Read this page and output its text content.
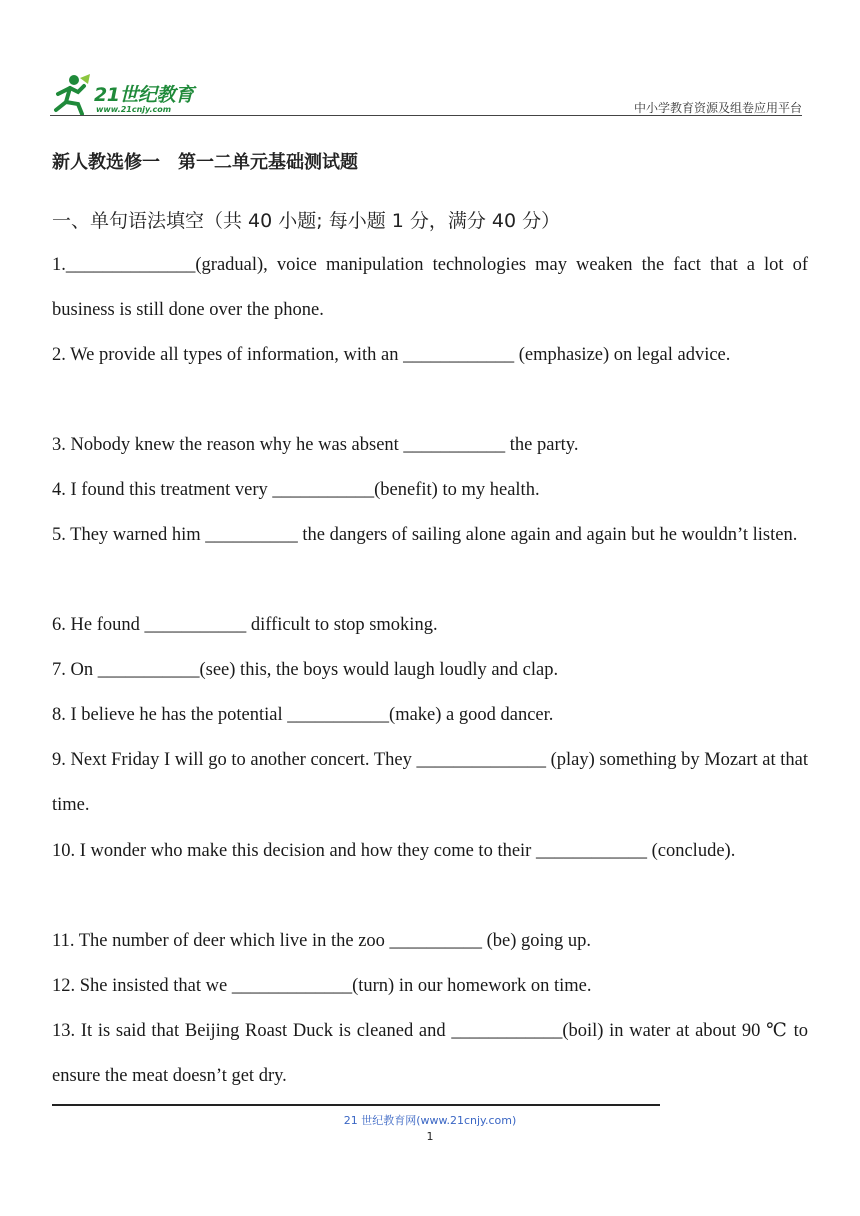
21世纪教育
www.21cnjy.com	中小学教育资源及组卷应用平台
新人教选修一　第一二单元基础测试题
一、单句语法填空（共 40 小题; 每小题 1 分，满分 40 分）
1.______________(gradual), voice manipulation technologies may weaken the fact that a lot of business is still done over the phone.
2. We provide all types of information, with an ____________ (emphasize) on legal advice.
3. Nobody knew the reason why he was absent ___________ the party.
4. I found this treatment very ___________(benefit) to my health.
5. They warned him __________ the dangers of sailing alone again and again but he wouldn’t listen.
6. He found ___________ difficult to stop smoking.
7. On ___________(see) this, the boys would laugh loudly and clap.
8. I believe he has the potential ___________(make) a good dancer.
9. Next Friday I will go to another concert. They ______________ (play) something by Mozart at that time.
10. I wonder who make this decision and how they come to their ____________ (conclude).
11. The number of deer which live in the zoo __________ (be) going up.
12. She insisted that we _____________(turn) in our homework on time.
13. It is said that Beijing Roast Duck is cleaned and ____________(boil) in water at about 90 ℃ to ensure the meat doesn’t get dry.
21 世纪教育网(www.21cnjy.com)
1
